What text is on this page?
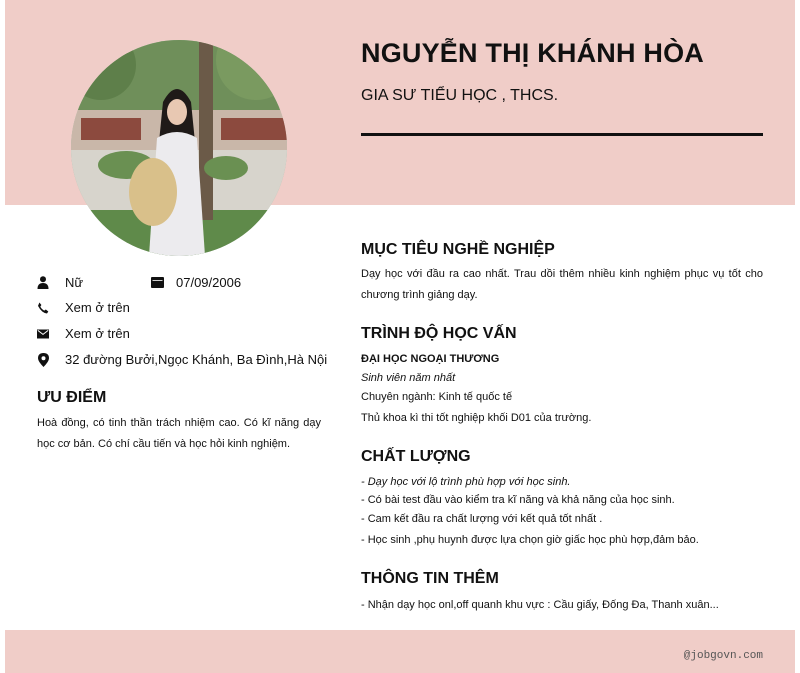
NGUYỄN THỊ KHÁNH HÒA

GIA SƯ TIỂU HỌC , THCS.

Nữ	07/09/2006
Xem ở trên
Xem ở trên
32 đường Bưởi,Ngọc Khánh, Ba Đình,Hà Nội
ƯU ĐIỂM

Hoà đồng, có tinh thần trách nhiệm cao. Có kĩ năng dạy học cơ bản. Có chí cầu tiến và học hỏi kinh nghiệm.

MỤC TIÊU NGHỀ NGHIỆP

Dạy học với đầu ra cao nhất. Trau dồi thêm nhiều kinh nghiệm phục vụ tốt cho chương trình giảng dạy.

TRÌNH ĐỘ HỌC VẤN

ĐẠI HỌC NGOẠI THƯƠNG

Sinh viên năm nhất

Chuyên ngành: Kinh tế quốc tế

Thủ khoa kì thi tốt nghiệp khối D01 của trường.

CHẤT LƯỢNG

- Dạy học với lộ trình phù hợp với học sinh.

- Có bài test đầu vào kiểm tra kĩ năng và khả năng của học sinh.

- Cam kết đầu ra chất lượng với kết quả tốt nhất .

- Học sinh ,phụ huynh được lựa chọn giờ giấc học phù hợp,đảm bảo.

THÔNG TIN THÊM

- Nhận dạy học onl,off quanh khu vực : Cầu giấy, Đống Đa, Thanh xuân...

@jobgovn.com
